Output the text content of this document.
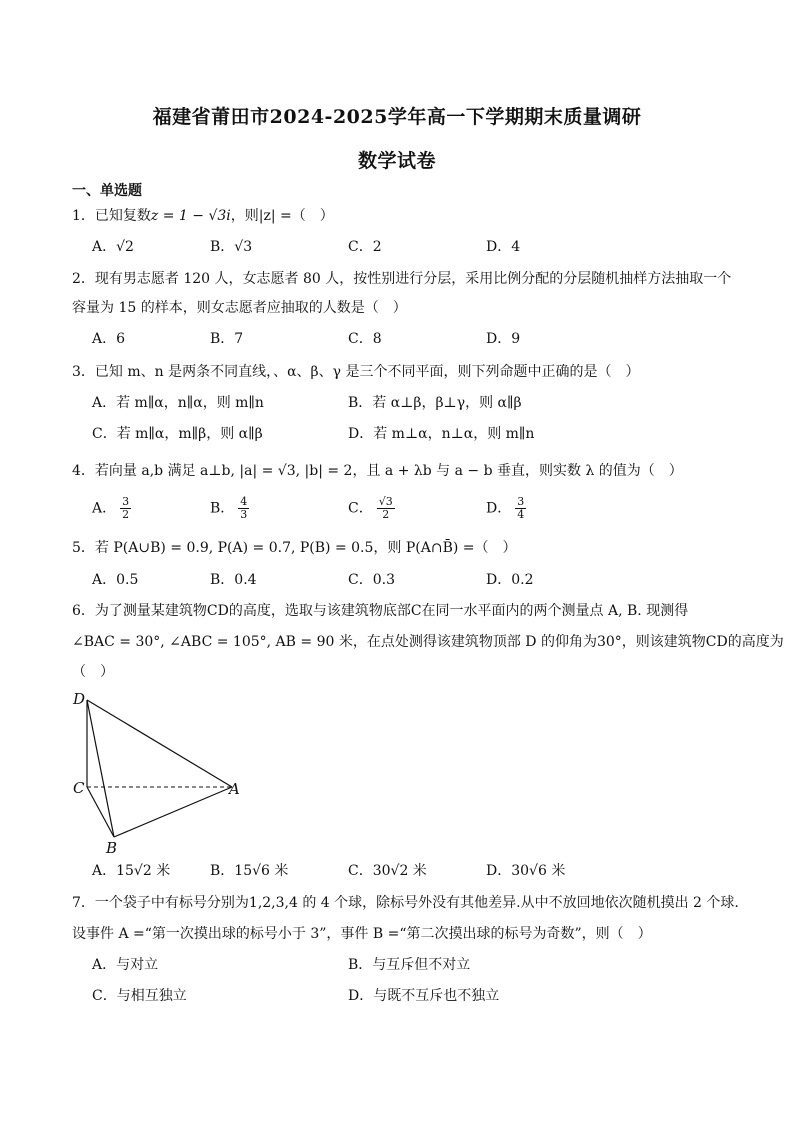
福建省莆田市2024-2025学年高一下学期期末质量调研
数学试卷
一、单选题
1．已知复数z = 1 − √3i，则|z| =（　）
A．√2	B．√3	C．2	D．4
2．现有男志愿者 120 人，女志愿者 80 人，按性别进行分层，采用比例分配的分层随机抽样方法抽取一个
容量为 15 的样本，则女志愿者应抽取的人数是（　）
A．6	B．7	C．8	D．9
3．已知 m、n 是两条不同直线，、α、β、γ 是三个不同平面，则下列命题中正确的是（　）
A．若 m∥α，n∥α，则 m∥n	B．若 α⊥β，β⊥γ，则 α∥β
C．若 m∥α，m∥β，则 α∥β	D．若 m⊥α，n⊥α，则 m∥n
4．若向量 a,b 满足 a⊥b, |a| = √3, |b| = 2，且 a + λb 与 a − b 垂直，则实数 λ 的值为（　）
A． $\frac{3}{2}$	B． $\frac{4}{3}$	C． $\frac{√3}{2}$	D． $\frac{3}{4}$
5．若 P(A∪B) = 0.9, P(A) = 0.7, P(B) = 0.5，则 P(A∩B̄) =（　）
A．0.5	B．0.4	C．0.3	D．0.2
6．为了测量某建筑物CD的高度，选取与该建筑物底部C在同一水平面内的两个测量点 A, B. 现测得
∠BAC = 30°, ∠ABC = 105°, AB = 90 米，在点处测得该建筑物顶部 D 的仰角为30°，则该建筑物CD的高度为
（　）
D
C	A
B
A．15√2 米	B．15√6 米	C．30√2 米	D．30√6 米
7．一个袋子中有标号分别为1,2,3,4 的 4 个球，除标号外没有其他差异.从中不放回地依次随机摸出 2 个球.
设事件 A =“第一次摸出球的标号小于 3”，事件 B =“第二次摸出球的标号为奇数”，则（　）
A．与对立	B．与互斥但不对立
C．与相互独立	D．与既不互斥也不独立
